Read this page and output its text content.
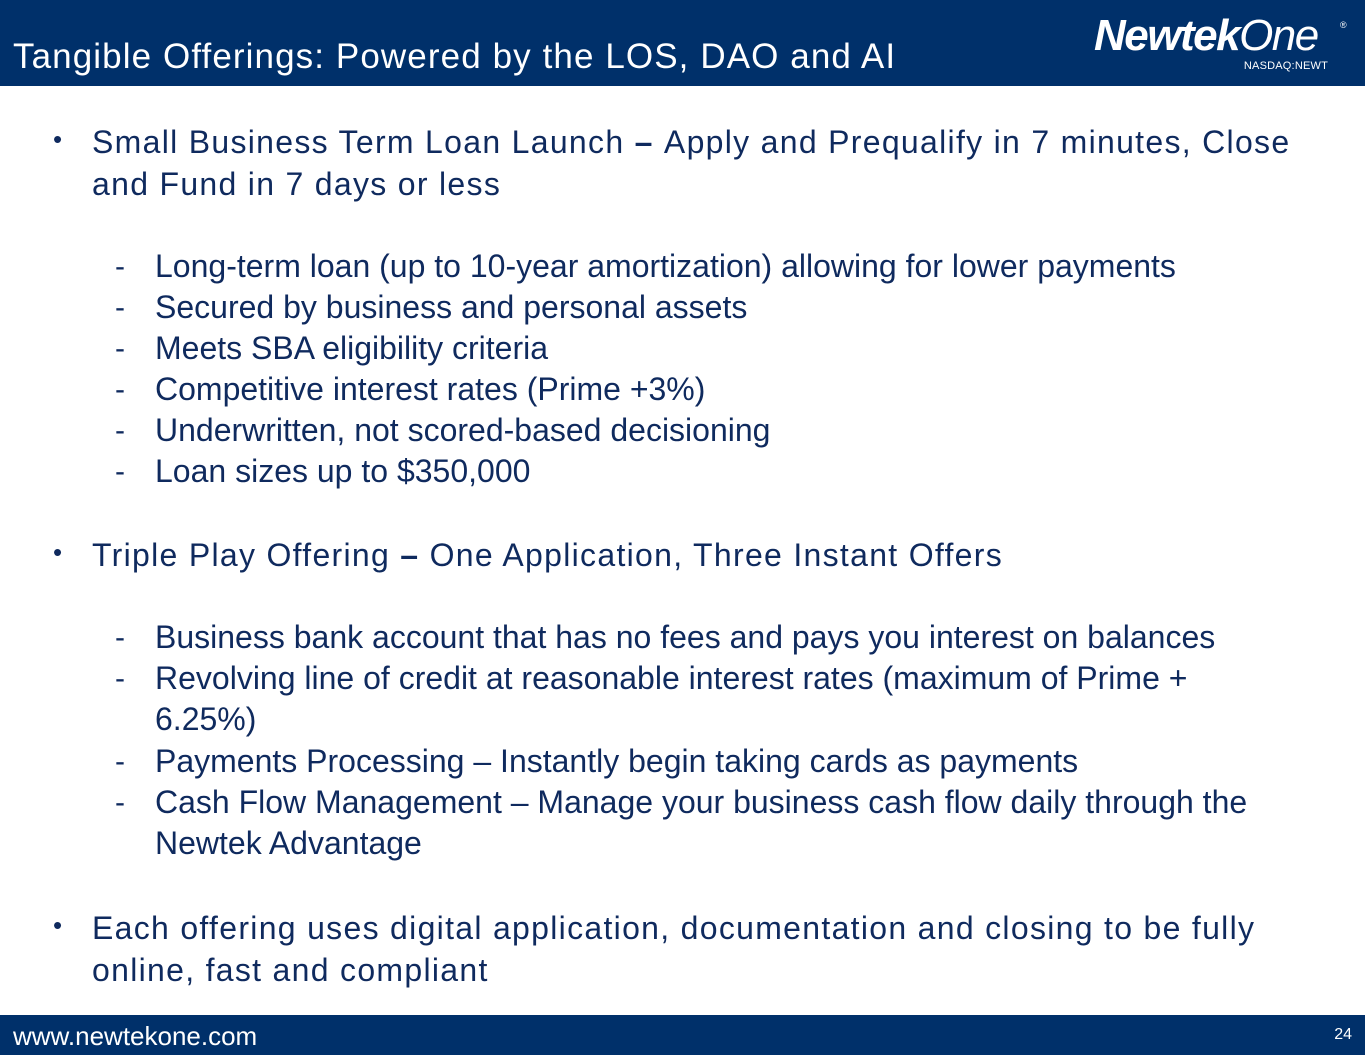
Tangible Offerings: Powered by the LOS, DAO and AI	NewtekOne ®
NASDAQ:NEWT
• Small Business Term Loan Launch – Apply and Prequalify in 7 minutes, Close and Fund in 7 days or less
- Long-term loan (up to 10-year amortization) allowing for lower payments
- Secured by business and personal assets
- Meets SBA eligibility criteria
- Competitive interest rates (Prime +3%)
- Underwritten, not scored-based decisioning
- Loan sizes up to $350,000
• Triple Play Offering – One Application, Three Instant Offers
- Business bank account that has no fees and pays you interest on balances
- Revolving line of credit at reasonable interest rates (maximum of Prime + 6.25%)
- Payments Processing – Instantly begin taking cards as payments
- Cash Flow Management – Manage your business cash flow daily through the Newtek Advantage
• Each offering uses digital application, documentation and closing to be fully online, fast and compliant
www.newtekone.com	24
